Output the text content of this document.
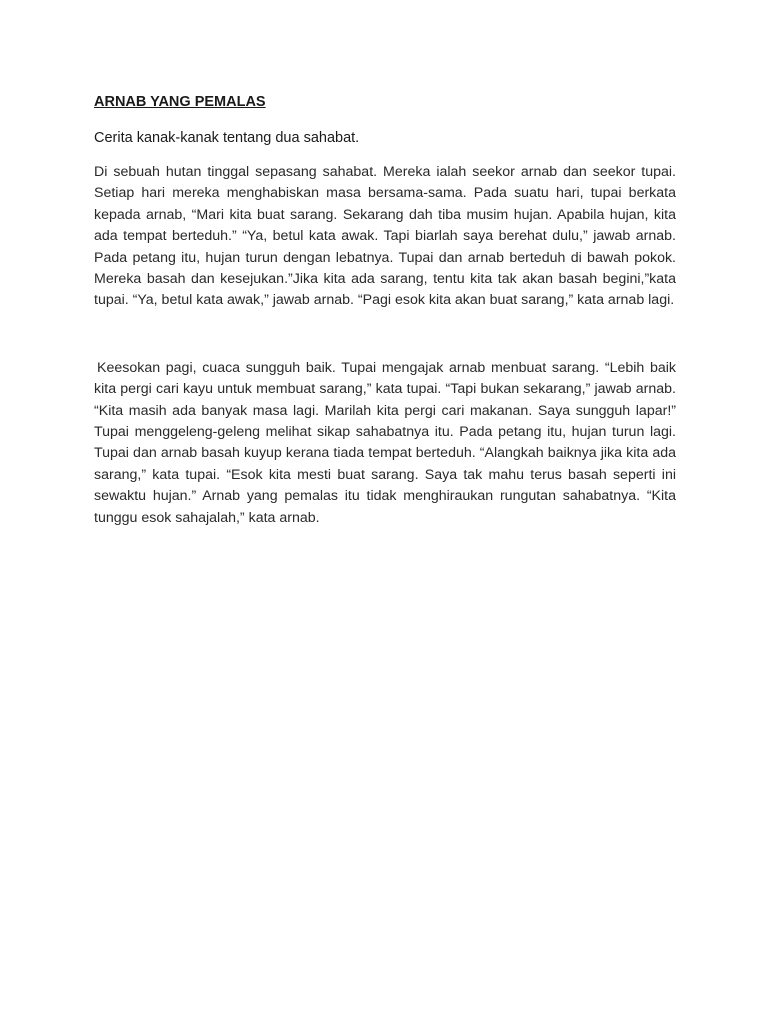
ARNAB YANG PEMALAS
Cerita kanak-kanak tentang dua sahabat.

Di sebuah hutan tinggal sepasang sahabat. Mereka ialah seekor arnab dan seekor tupai. Setiap hari mereka menghabiskan masa bersama-sama. Pada suatu hari, tupai berkata kepada arnab, “Mari kita buat sarang. Sekarang dah tiba musim hujan. Apabila hujan, kita ada tempat berteduh.” “Ya, betul kata awak. Tapi biarlah saya berehat dulu,” jawab arnab. Pada petang itu, hujan turun dengan lebatnya. Tupai dan arnab berteduh di bawah pokok. Mereka basah dan kesejukan.”Jika kita ada sarang, tentu kita tak akan basah begini,”kata tupai. “Ya, betul kata awak,” jawab arnab. “Pagi esok kita akan buat sarang,” kata arnab lagi.

Keesokan pagi, cuaca sungguh baik. Tupai mengajak arnab menbuat sarang. “Lebih baik kita pergi cari kayu untuk membuat sarang,” kata tupai. “Tapi bukan sekarang,” jawab arnab. “Kita masih ada banyak masa lagi. Marilah kita pergi cari makanan. Saya sungguh lapar!” Tupai menggeleng-geleng melihat sikap sahabatnya itu. Pada petang itu, hujan turun lagi. Tupai dan arnab basah kuyup kerana tiada tempat berteduh. “Alangkah baiknya jika kita ada sarang,” kata tupai. “Esok kita mesti buat sarang. Saya tak mahu terus basah seperti ini sewaktu hujan.” Arnab yang pemalas itu tidak menghiraukan rungutan sahabatnya. “Kita tunggu esok sahajalah,” kata arnab.
